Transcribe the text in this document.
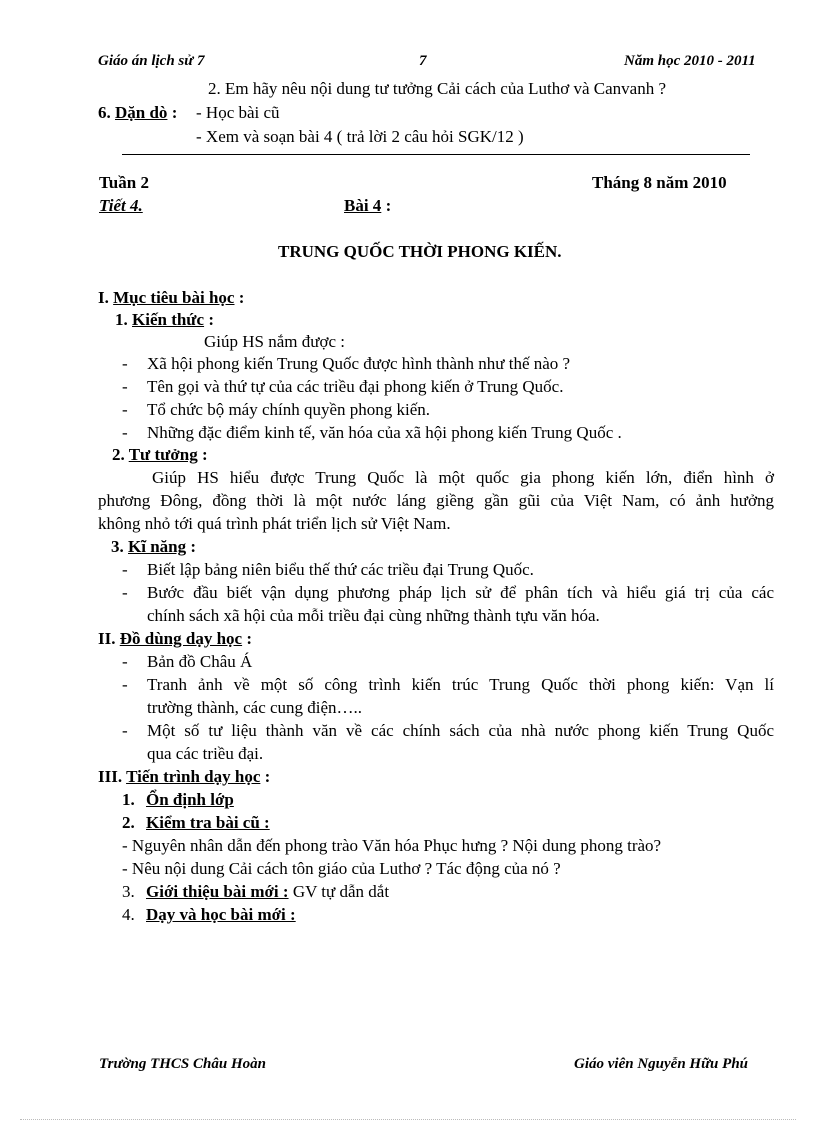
Giáo án lịch sử 7	7	Năm học 2010 - 2011
2. Em hãy nêu nội dung tư tưởng Cải cách của Luthơ và Canvanh ?
6. Dặn dò : - Học bài cũ
- Xem và soạn bài 4 ( trả lời 2 câu hỏi SGK/12 )
Tuần 2	Tháng 8 năm 2010
Tiết 4.	Bài 4 :
TRUNG QUỐC THỜI PHONG KIẾN.
I. Mục tiêu bài học :
1. Kiến thức :
Giúp HS nắm được :
- Xã hội phong kiến Trung Quốc được hình thành như thế nào ?
- Tên gọi và thứ tự của các triều đại phong kiến ở Trung Quốc.
- Tổ chức bộ máy chính quyền phong kiến.
- Những đặc điểm kinh tế, văn hóa của xã hội phong kiến Trung Quốc .
2. Tư tưởng :
Giúp HS hiểu được Trung Quốc là một quốc gia phong kiến lớn, điển hình ở
phương Đông, đồng thời là một nước láng giềng gần gũi của Việt Nam, có ảnh hưởng
không nhỏ tới quá trình phát triển lịch sử Việt Nam.
3. Kĩ năng :
- Biết lập bảng niên biểu thế thứ các triều đại Trung Quốc.
- Bước đầu biết vận dụng phương pháp lịch sử để phân tích và hiểu giá trị của các
chính sách xã hội của mỗi triều đại cùng những thành tựu văn hóa.
II. Đồ dùng dạy học :
- Bản đồ Châu Á
- Tranh ảnh về một số công trình kiến trúc Trung Quốc thời phong kiến: Vạn lí
trường thành, các cung điện…..
- Một số tư liệu thành văn về các chính sách của nhà nước phong kiến Trung Quốc
qua các triều đại.
III. Tiến trình dạy học :
1. Ổn định lớp
2. Kiểm tra bài cũ :
- Nguyên nhân dẫn đến phong trào Văn hóa Phục hưng ? Nội dung phong trào?
- Nêu nội dung Cải cách tôn giáo của Luthơ ? Tác động của nó ?
3. Giới thiệu bài mới : GV tự dẫn dắt
4. Dạy và học bài mới :
Trường THCS Châu Hoàn	Giáo viên Nguyễn Hữu Phú
